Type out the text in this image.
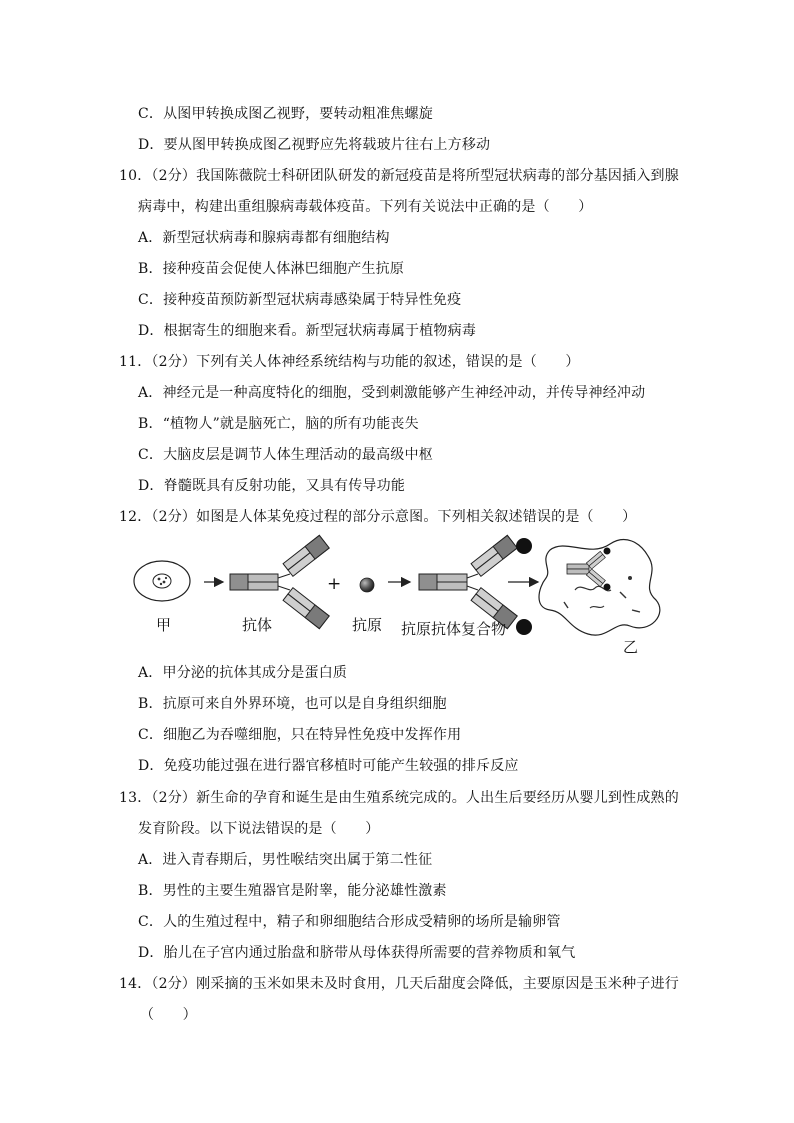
C．从图甲转换成图乙视野，要转动粗准焦螺旋
D．要从图甲转换成图乙视野应先将载玻片往右上方移动
10．（2分）我国陈薇院士科研团队研发的新冠疫苗是将所型冠状病毒的部分基因插入到腺
病毒中，构建出重组腺病毒载体疫苗。下列有关说法中正确的是（　　）
A．新型冠状病毒和腺病毒都有细胞结构
B．接种疫苗会促使人体淋巴细胞产生抗原
C．接种疫苗预防新型冠状病毒感染属于特异性免疫
D．根据寄生的细胞来看。新型冠状病毒属于植物病毒
11．（2分）下列有关人体神经系统结构与功能的叙述，错误的是（　　）
A．神经元是一种高度特化的细胞，受到刺激能够产生神经冲动，并传导神经冲动
B．“植物人”就是脑死亡，脑的所有功能丧失
C．大脑皮层是调节人体生理活动的最高级中枢
D．脊髓既具有反射功能，又具有传导功能
12．（2分）如图是人体某免疫过程的部分示意图。下列相关叙述错误的是（　　）
甲	抗体
+
抗原 抗原抗体复合物
乙
A．甲分泌的抗体其成分是蛋白质
B．抗原可来自外界环境，也可以是自身组织细胞
C．细胞乙为吞噬细胞，只在特异性免疫中发挥作用
D．免疫功能过强在进行器官移植时可能产生较强的排斥反应
13．（2分）新生命的孕育和诞生是由生殖系统完成的。人出生后要经历从婴儿到性成熟的
发育阶段。以下说法错误的是（　　）
A．进入青春期后，男性喉结突出属于第二性征
B．男性的主要生殖器官是附睾，能分泌雄性激素
C．人的生殖过程中，精子和卵细胞结合形成受精卵的场所是输卵管
D．胎儿在子宫内通过胎盘和脐带从母体获得所需要的营养物质和氧气
14．（2分）刚采摘的玉米如果未及时食用，几天后甜度会降低，主要原因是玉米种子进行
（　　）
